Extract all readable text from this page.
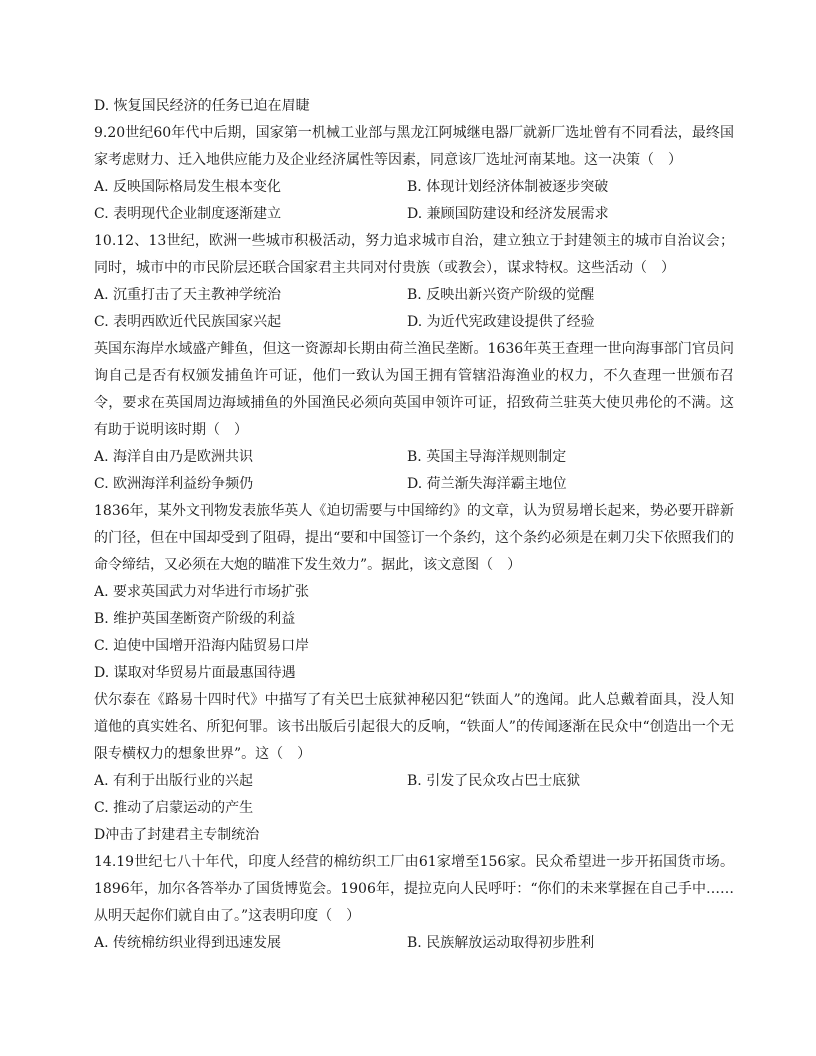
D. 恢复国民经济的任务已迫在眉睫
9.20世纪60年代中后期，国家第一机械工业部与黑龙江阿城继电器厂就新厂选址曾有不同看法，最终国家考虑财力、迁入地供应能力及企业经济属性等因素，同意该厂选址河南某地。这一决策（　）
A. 反映国际格局发生根本变化	B. 体现计划经济体制被逐步突破
C. 表明现代企业制度逐渐建立	D. 兼顾国防建设和经济发展需求
10.12、13世纪，欧洲一些城市积极活动，努力追求城市自治，建立独立于封建领主的城市自治议会；同时，城市中的市民阶层还联合国家君主共同对付贵族（或教会），谋求特权。这些活动（　）
A. 沉重打击了天主教神学统治	B. 反映出新兴资产阶级的觉醒
C. 表明西欧近代民族国家兴起	D. 为近代宪政建设提供了经验
英国东海岸水域盛产鲱鱼，但这一资源却长期由荷兰渔民垄断。1636年英王查理一世向海事部门官员问询自己是否有权颁发捕鱼许可证，他们一致认为国王拥有管辖沿海渔业的权力，不久查理一世颁布召令，要求在英国周边海域捕鱼的外国渔民必须向英国申领许可证，招致荷兰驻英大使贝弗伦的不满。这有助于说明该时期（　）
A. 海洋自由乃是欧洲共识	B. 英国主导海洋规则制定
C. 欧洲海洋利益纷争频仍	D. 荷兰渐失海洋霸主地位
1836年，某外文刊物发表旅华英人《迫切需要与中国缔约》的文章，认为贸易增长起来，势必要开辟新的门径，但在中国却受到了阻碍，提出“要和中国签订一个条约，这个条约必须是在刺刀尖下依照我们的命令缔结，又必须在大炮的瞄准下发生效力”。据此，该文意图（　）
A. 要求英国武力对华进行市场扩张
B. 维护英国垄断资产阶级的利益
C. 迫使中国增开沿海内陆贸易口岸
D. 谋取对华贸易片面最惠国待遇
伏尔泰在《路易十四时代》中描写了有关巴士底狱神秘囚犯“铁面人”的逸闻。此人总戴着面具，没人知道他的真实姓名、所犯何罪。该书出版后引起很大的反响，“铁面人”的传闻逐渐在民众中“创造出一个无限专横权力的想象世界”。这（　）
A. 有利于出版行业的兴起	B. 引发了民众攻占巴士底狱
C. 推动了启蒙运动的产生
D冲击了封建君主专制统治
14.19世纪七八十年代，印度人经营的棉纺织工厂由61家增至156家。民众希望进一步开拓国货市场。1896年，加尔各答举办了国货博览会。1906年，提拉克向人民呼吁：“你们的未来掌握在自己手中……从明天起你们就自由了。”这表明印度（　）
A. 传统棉纺织业得到迅速发展	B. 民族解放运动取得初步胜利
